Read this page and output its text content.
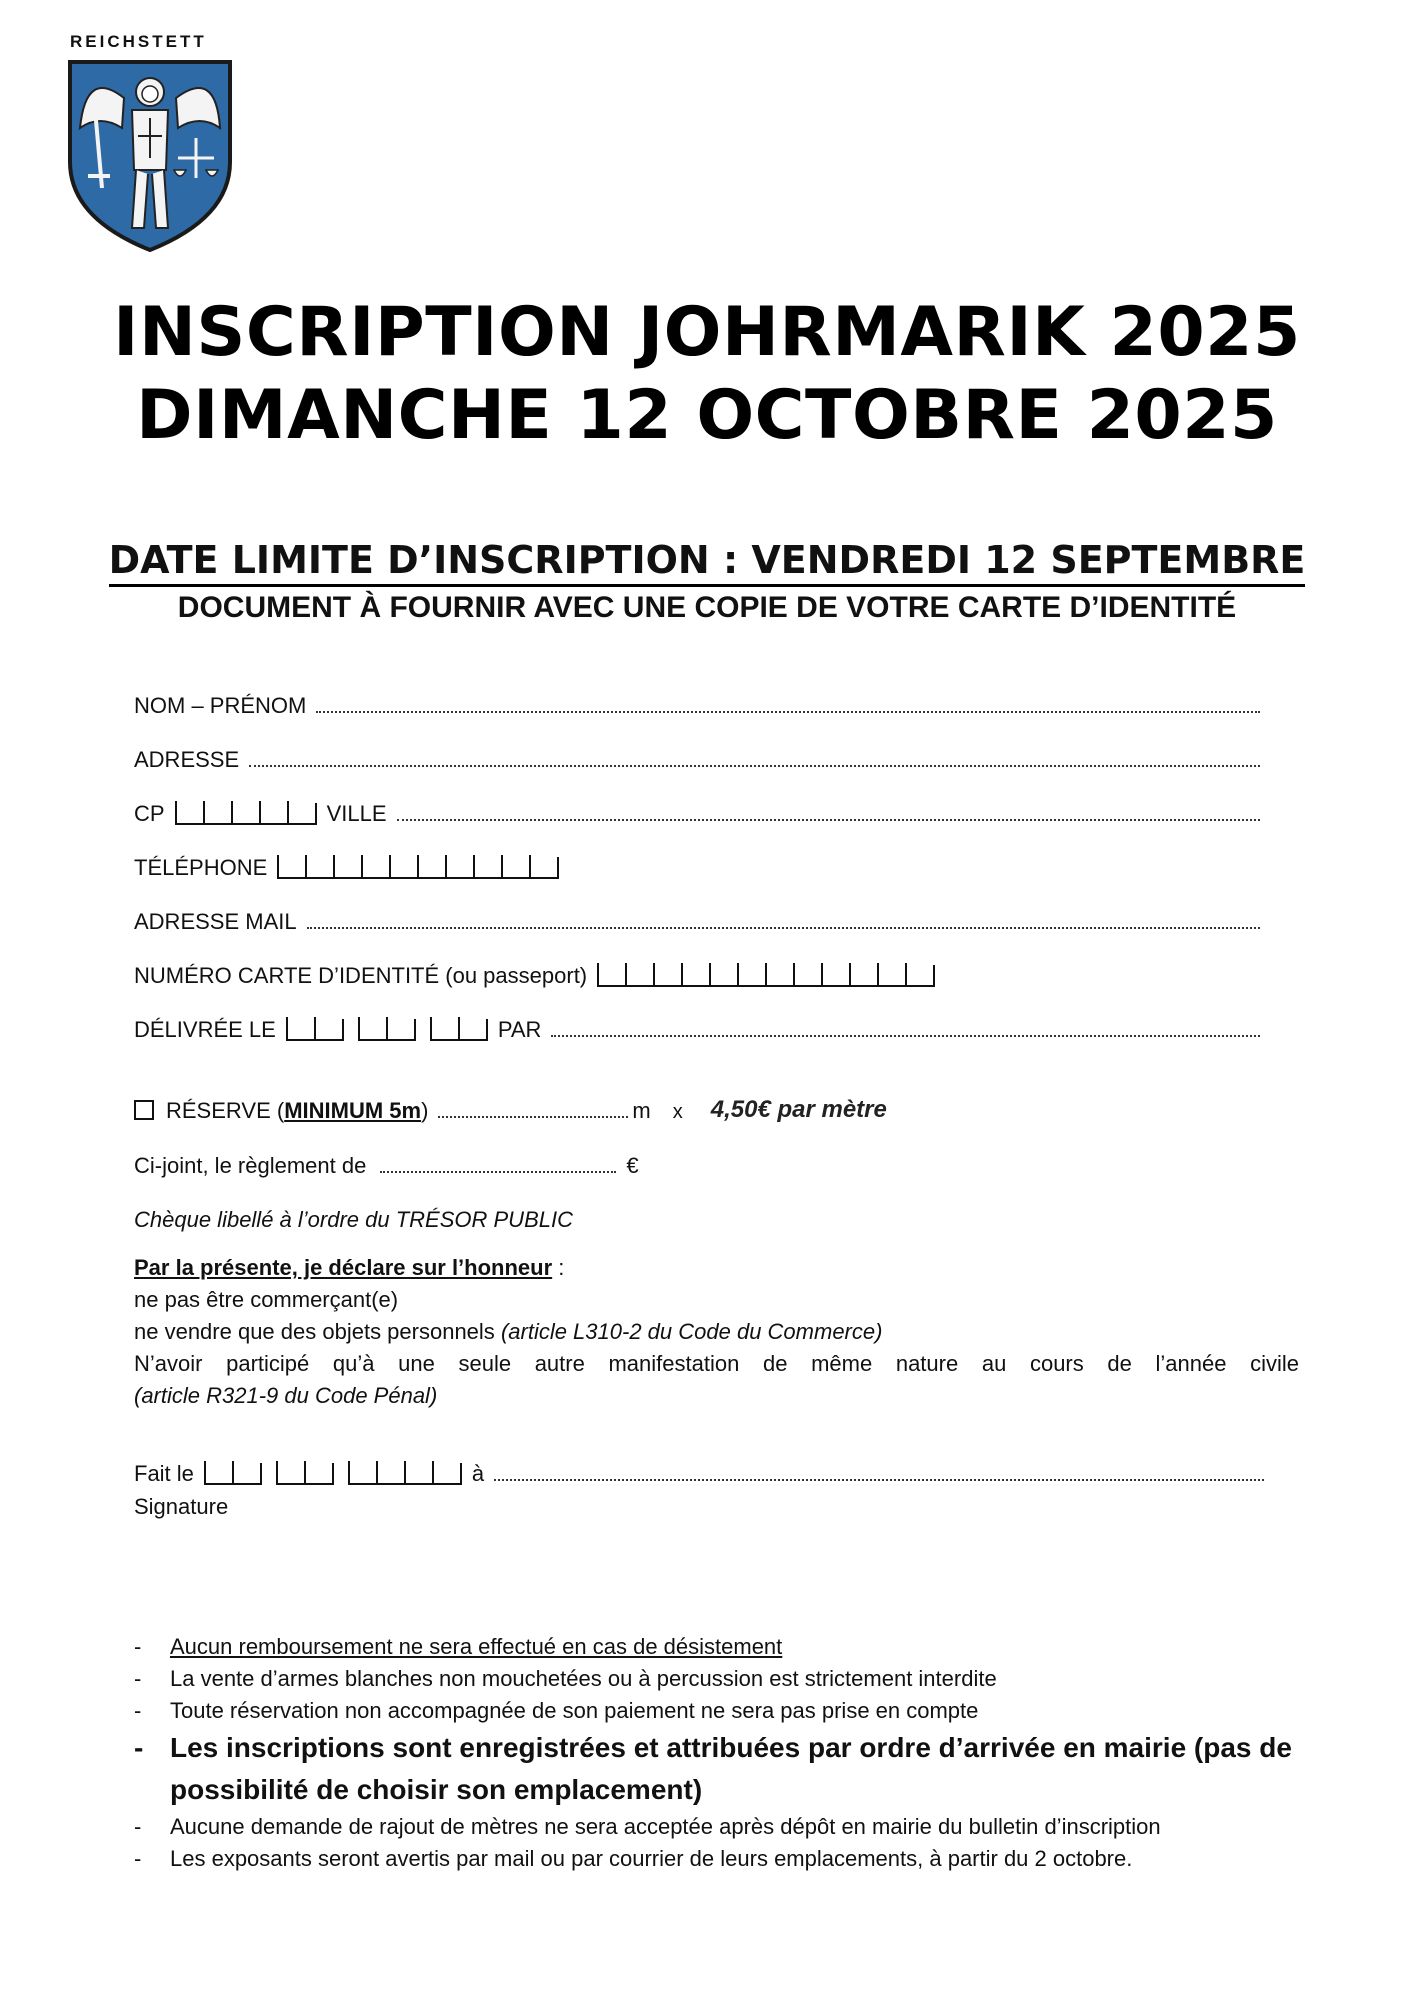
REICHSTETT
INSCRIPTION JOHRMARIK 2025
DIMANCHE 12 OCTOBRE 2025
DATE LIMITE D’INSCRIPTION : VENDREDI 12 SEPTEMBRE
DOCUMENT À FOURNIR AVEC UNE COPIE DE VOTRE CARTE D’IDENTITÉ
NOM – PRÉNOM
ADRESSE
CP	VILLE
TÉLÉPHONE
ADRESSE MAIL
NUMÉRO CARTE D’IDENTITÉ (ou passeport)
DÉLIVRÉE LE	PAR
RÉSERVE (MINIMUM 5m)	m x 4,50€ par mètre
Ci-joint, le règlement de	€
Chèque libellé à l’ordre du TRÉSOR PUBLIC

Par la présente, je déclare sur l’honneur :

ne pas être commerçant(e)

ne vendre que des objets personnels (article L310-2 du Code du Commerce)

N’avoir participé qu’à une seule autre manifestation de même nature au cours de l’année civile

(article R321-9 du Code Pénal)

Fait le	à
Signature
- Aucun remboursement ne sera effectué en cas de désistement
- La vente d’armes blanches non mouchetées ou à percussion est strictement interdite
- Toute réservation non accompagnée de son paiement ne sera pas prise en compte
- Les inscriptions sont enregistrées et attribuées par ordre d’arrivée en mairie (pas de possibilité de choisir son emplacement)
- Aucune demande de rajout de mètres ne sera acceptée après dépôt en mairie du bulletin d’inscription
- Les exposants seront avertis par mail ou par courrier de leurs emplacements, à partir du 2 octobre.
